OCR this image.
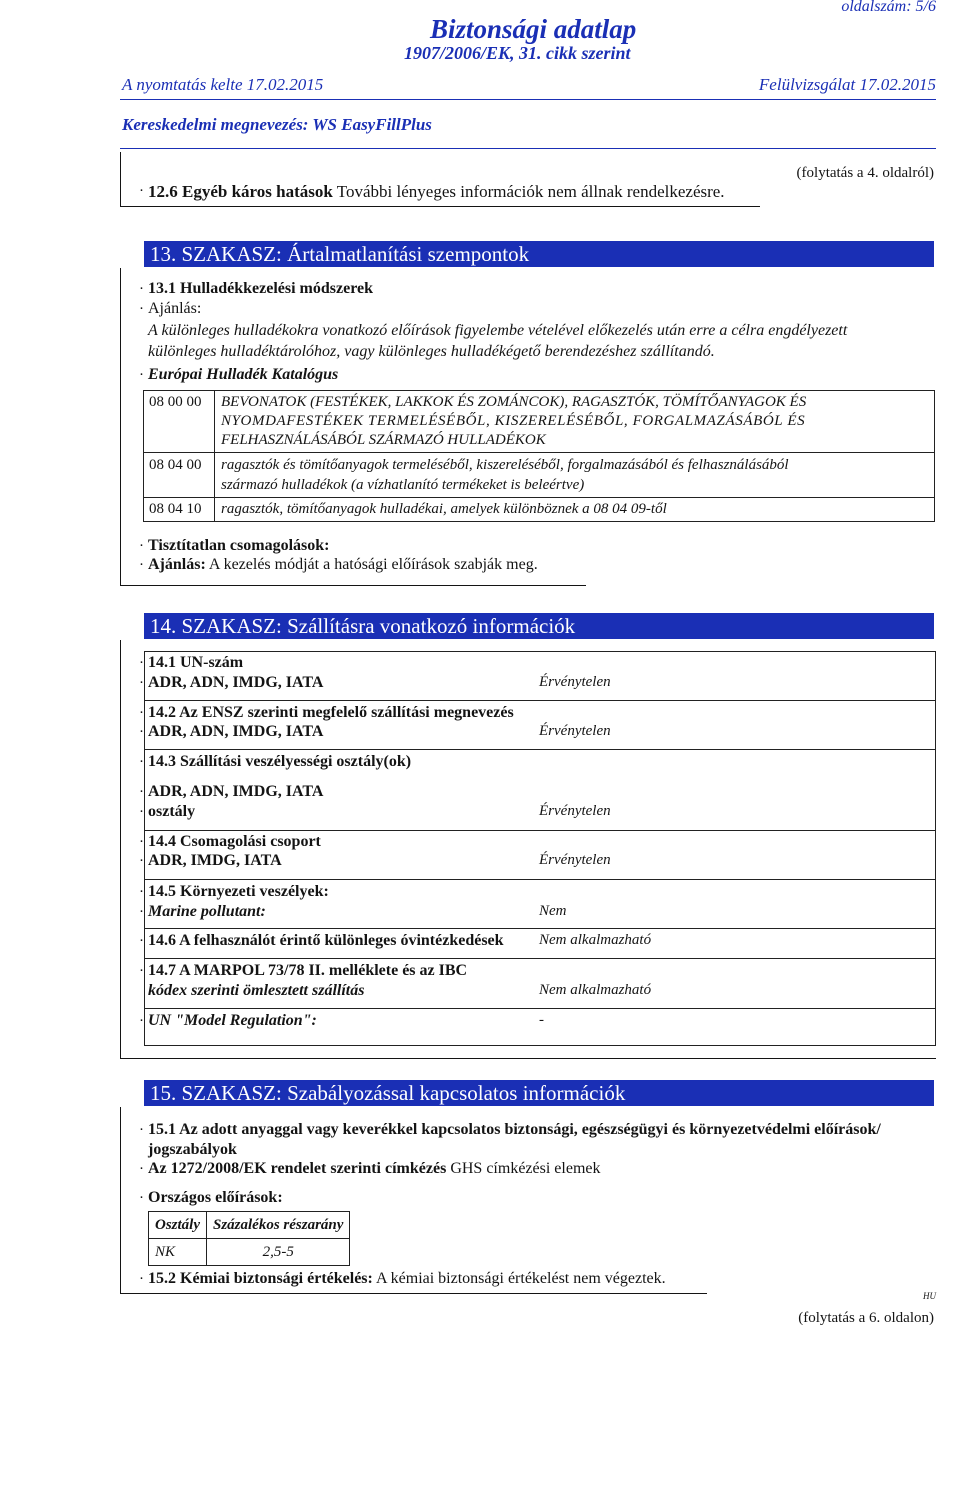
oldalszám: 5/6
Biztonsági adatlap
1907/2006/EK, 31. cikk szerint
A nyomtatás kelte 17.02.2015	Felülvizsgálat 17.02.2015
Kereskedelmi megnevezés: WS EasyFillPlus
(folytatás a 4. oldalról)
· 12.6 Egyéb káros hatások További lényeges információk nem állnak rendelkezésre.
13. SZAKASZ: Ártalmatlanítási szempontok
· 13.1 Hulladékkezelési módszerek
· Ajánlás:
A különleges hulladékokra vonatkozó előírások figyelembe vételével előkezelés után erre a célra engdélyezett
különleges hulladéktárolóhoz, vagy különleges hulladékégető berendezéshez szállítandó.
· Európai Hulladék Katalógus
08 00 00 BEVONATOK (FESTÉKEK, LAKKOK ÉS ZOMÁNCOK), RAGASZTÓK, TÖMÍTŐANYAGOK ÉS
NYOMDAFESTÉKEK TERMELÉSÉBŐL, KISZERELÉSÉBŐL, FORGALMAZÁSÁBÓL ÉS
FELHASZNÁLÁSÁBÓL SZÁRMAZÓ HULLADÉKOK
08 04 00 ragasztók és tömítőanyagok termeléséből, kiszereléséből, forgalmazásából és felhasználásából
származó hulladékok (a vízhatlanító termékeket is beleértve)
08 04 10 ragasztók, tömítőanyagok hulladékai, amelyek különböznek a 08 04 09-től
· Tisztítatlan csomagolások:
· Ajánlás: A kezelés módját a hatósági előírások szabják meg.
14. SZAKASZ: Szállításra vonatkozó információk
· 14.1 UN-szám
· ADR, ADN, IMDG, IATA	Érvénytelen
· 14.2 Az ENSZ szerinti megfelelő szállítási megnevezés
· ADR, ADN, IMDG, IATA	Érvénytelen
· 14.3 Szállítási veszélyességi osztály(ok)
· ADR, ADN, IMDG, IATA
· osztály	Érvénytelen
· 14.4 Csomagolási csoport
· ADR, IMDG, IATA	Érvénytelen
· 14.5 Környezeti veszélyek:
· Marine pollutant:	Nem
· 14.6 A felhasználót érintő különleges óvintézkedések Nem alkalmazható
· 14.7 A MARPOL 73/78 II. melléklete és az IBC
kódex szerinti ömlesztett szállítás	Nem alkalmazható
· UN "Model Regulation":	-
15. SZAKASZ: Szabályozással kapcsolatos információk
· 15.1 Az adott anyaggal vagy keverékkel kapcsolatos biztonsági, egészségügyi és környezetvédelmi előírások/
jogszabályok
· Az 1272/2008/EK rendelet szerinti címkézés GHS címkézési elemek
· Országos előírások:
Osztály	Százalékos részarány
NK	2,5-5
· 15.2 Kémiai biztonsági értékelés: A kémiai biztonsági értékelést nem végeztek.
HU
(folytatás a 6. oldalon)
